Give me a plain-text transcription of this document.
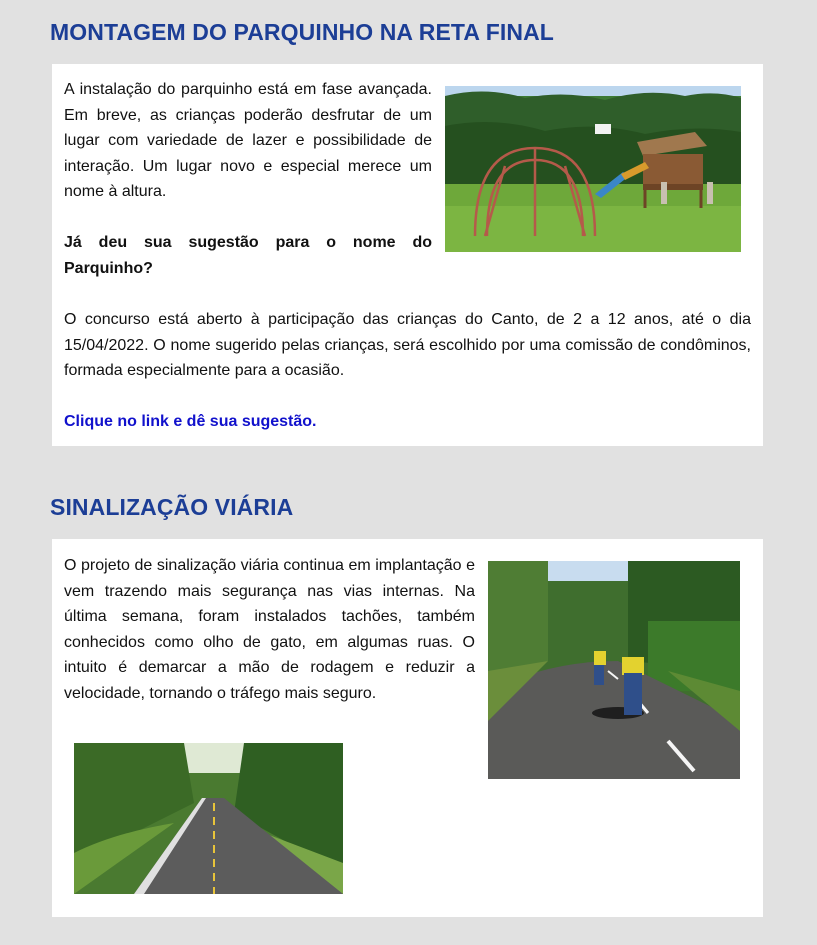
MONTAGEM DO PARQUINHO NA RETA FINAL

A instalação do parquinho está em fase avançada. Em breve, as crianças poderão desfrutar de um lugar com variedade de lazer e possibilidade de interação. Um lugar novo e especial merece um nome à altura.

Já deu sua sugestão para o nome do Parquinho?

O concurso está aberto à participação das crianças do Canto, de 2 a 12 anos, até o dia 15/04/2022. O nome sugerido pelas crianças, será escolhido por uma comissão de condôminos, formada especialmente para a ocasião.

Clique no link e dê sua sugestão.

SINALIZAÇÃO VIÁRIA

O projeto de sinalização viária continua em implantação e vem trazendo mais segurança nas vias internas. Na última semana, foram instalados tachões, também conhecidos como olho de gato, em algumas ruas. O intuito é demarcar a mão de rodagem e reduzir a velocidade, tornando o tráfego mais seguro.
